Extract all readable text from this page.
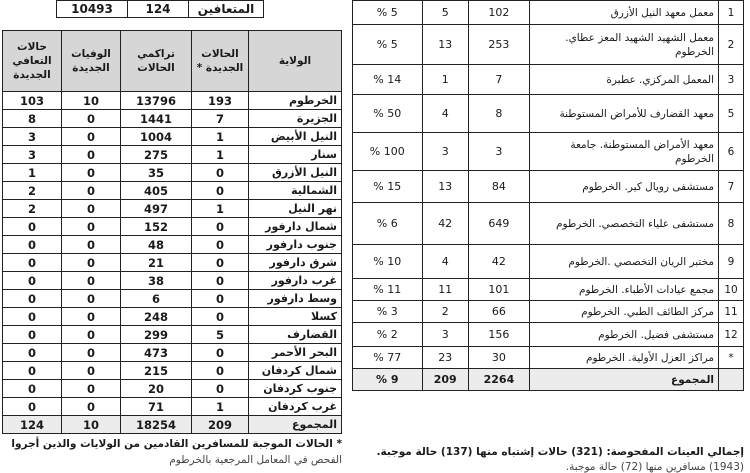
10493	124	المتعافين
الولاية	الحالات الجديدة *	تراكمي الحالات	الوفيات الجديدة	حالات التعافي الجديدة
الخرطوم	193	13796	10	103
الجزيرة	7	1441	0	8
النيل الأبيض	1	1004	0	3
سنار	1	275	0	3
النيل الأزرق	0	35	0	1
الشمالية	0	405	0	2
نهر النيل	1	497	0	2
شمال دارفور	0	152	0	0
جنوب دارفور	0	48	0	0
شرق دارفور	0	21	0	0
غرب دارفور	0	38	0	0
وسط دارفور	0	6	0	0
كسلا	0	248	0	0
القضارف	5	299	0	0
البحر الأحمر	0	473	0	0
شمال كردفان	0	215	0	0
جنوب كردفان	0	20	0	0
غرب كردفان	1	71	0	0
المجموع	209	18254	10	124
1	معمل معهد النيل الأزرق	102	5	5 %
2	معمل الشهيد الشهيد المعز عطاي. الخرطوم	253	13	5 %
3	المعمل المركزي. عطبرة	7	1	14 %
5	معهد القضارف للأمراض المستوطنة	8	4	50 %
6	معهد الأمراض المستوطنة. جامعة الخرطوم	3	3	100 %
7	مستشفى رويال كير. الخرطوم	84	13	15 %
8	مستشفى علياء التخصصي. الخرطوم	649	42	6 %
9	مختبر الريان التخصصي .الخرطوم	42	4	10 %
10	مجمع عيادات الأطباء. الخرطوم	101	11	11 %
11	مركز الطائف الطبي. الخرطوم	66	2	3 %
12	مستشفى فضيل. الخرطوم	156	3	2 %
*	مراكز العزل الأولية. الخرطوم	30	23	77 %
	المجموع	2264	209	9 %
* الحالات الموجبة للمسافرين القادمين من الولايات والذين أجروا
الفحص في المعامل المرجعية بالخرطوم
إجمالي العينات المفحوصة: (321) حالات إشتباه منها (137) حالة موجبة.
(1943) مسافرين منها (72) حالة موجبة.
